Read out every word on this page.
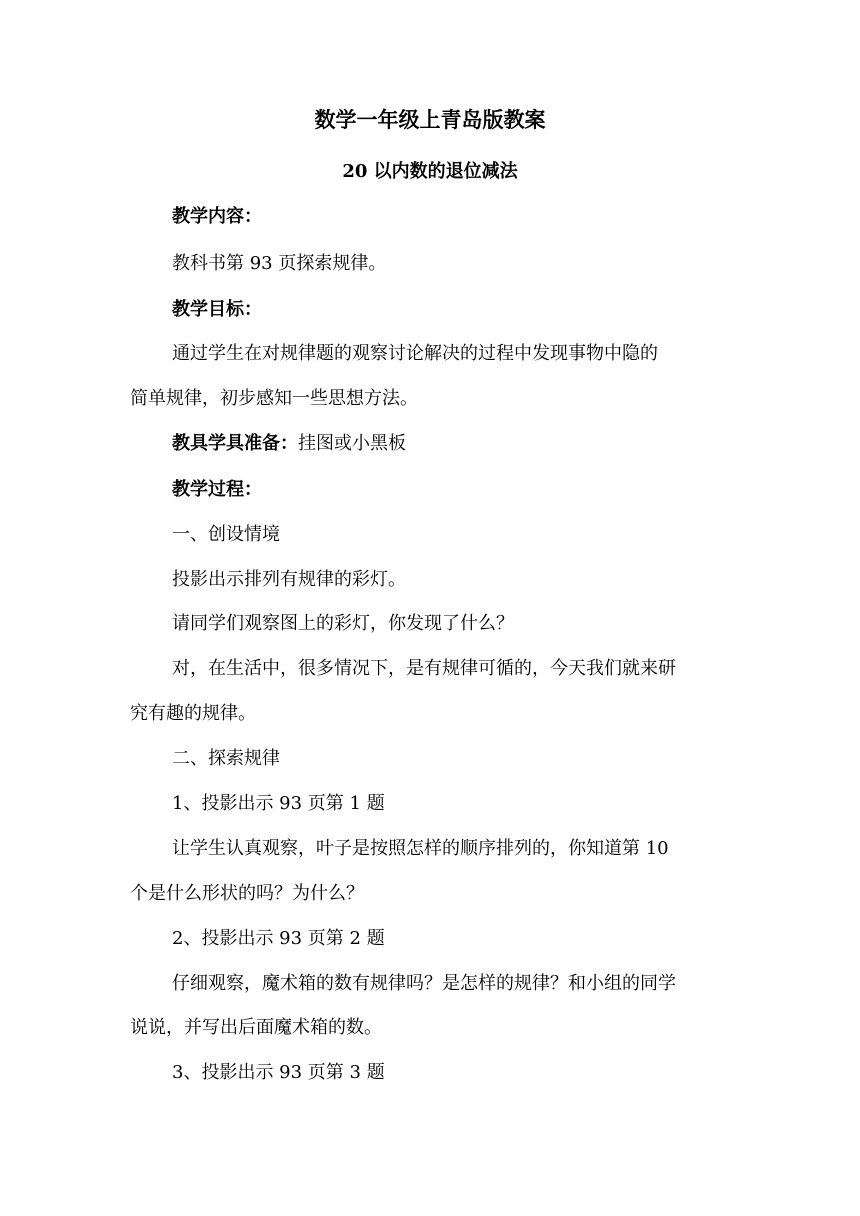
数学一年级上青岛版教案
20 以内数的退位减法
教学内容：
教科书第 93 页探索规律。
教学目标：
通过学生在对规律题的观察讨论解决的过程中发现事物中隐的
简单规律，初步感知一些思想方法。
教具学具准备：挂图或小黑板
教学过程：
一、创设情境
投影出示排列有规律的彩灯。
请同学们观察图上的彩灯，你发现了什么？
对，在生活中，很多情况下，是有规律可循的，今天我们就来研
究有趣的规律。
二、探索规律
1、投影出示 93 页第 1 题
让学生认真观察，叶子是按照怎样的顺序排列的，你知道第 10
个是什么形状的吗？为什么？
2、投影出示 93 页第 2 题
仔细观察，魔术箱的数有规律吗？是怎样的规律？和小组的同学
说说，并写出后面魔术箱的数。
3、投影出示 93 页第 3 题
